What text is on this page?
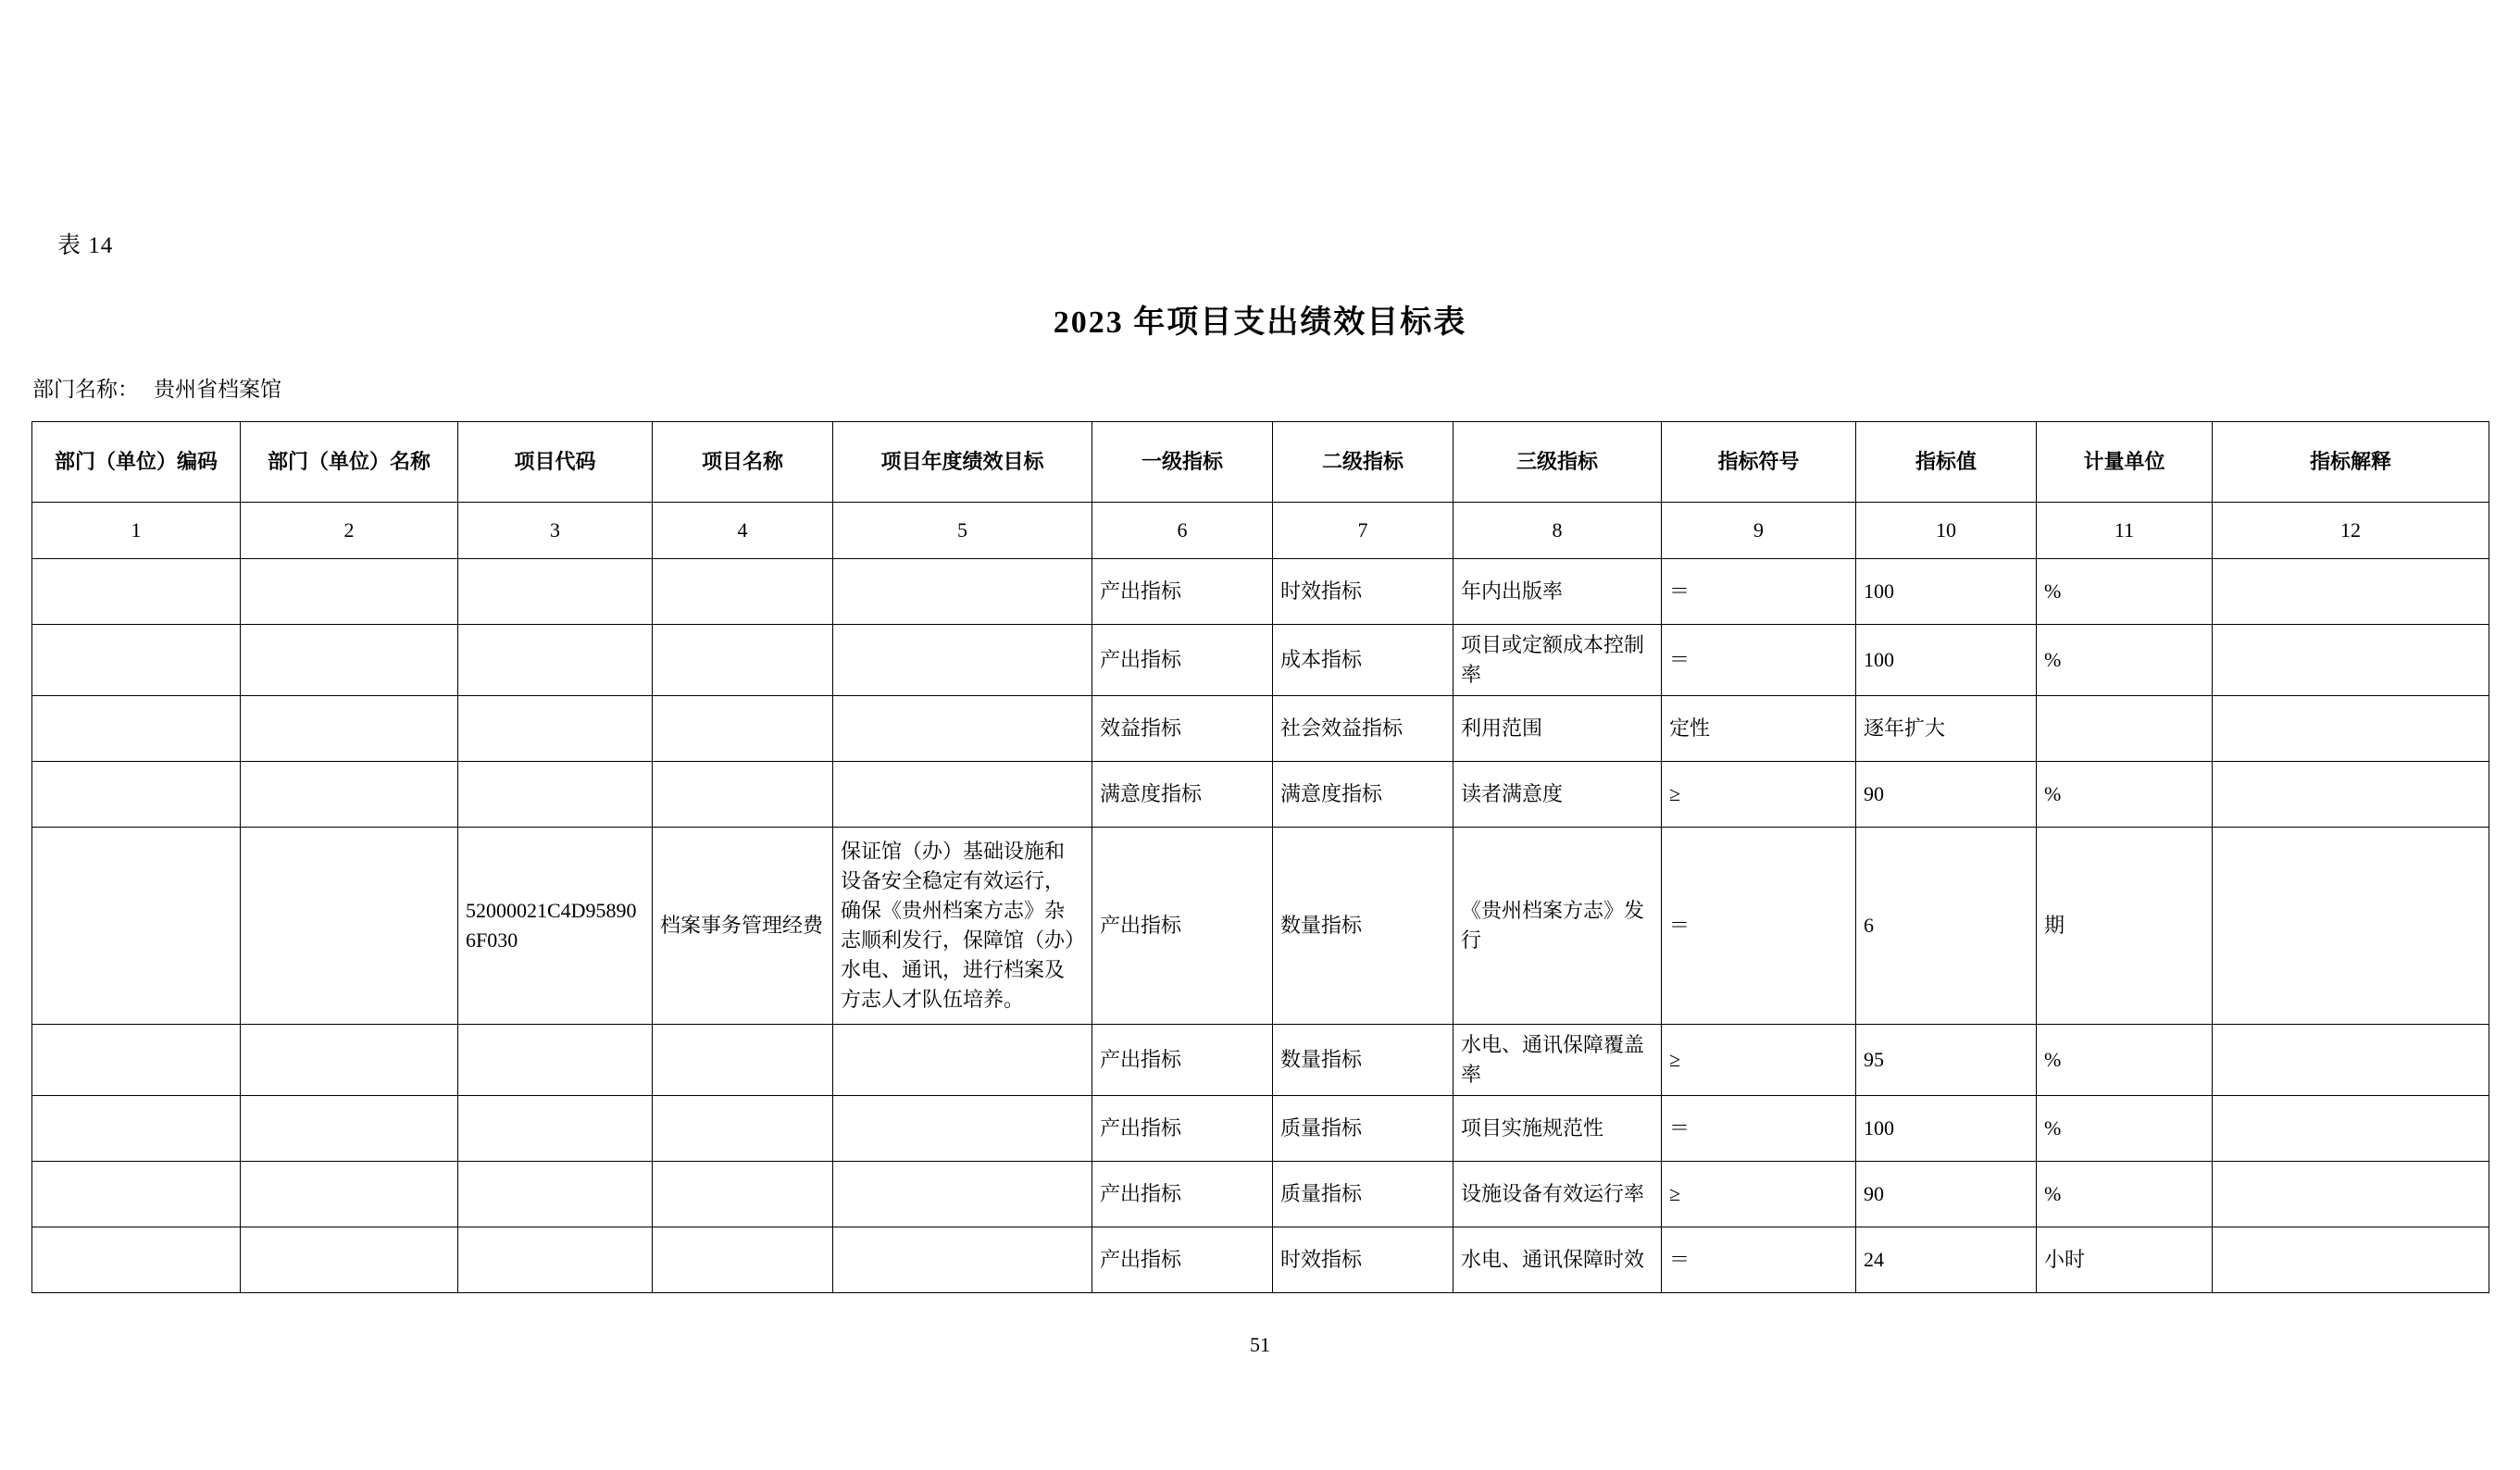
表 14
2023 年项目支出绩效目标表
部门名称： 贵州省档案馆
部门（单位）编码	部门（单位）名称	项目代码	项目名称	项目年度绩效目标	一级指标	二级指标	三级指标	指标符号	指标值	计量单位	指标解释
1	2	3	4	5	6	7	8	9	10	11	12
					产出指标	时效指标	年内出版率	＝	100	%	
					产出指标	成本指标	项目或定额成本控制率	＝	100	%	
					效益指标	社会效益指标	利用范围	定性	逐年扩大		
					满意度指标	满意度指标	读者满意度	≥	90	%	
		52000021C4D958906F030	档案事务管理经费	保证馆（办）基础设施和设备安全稳定有效运行，确保《贵州档案方志》杂志顺利发行，保障馆（办）水电、通讯，进行档案及方志人才队伍培养。	产出指标	数量指标	《贵州档案方志》发行	＝	6	期	
					产出指标	数量指标	水电、通讯保障覆盖率	≥	95	%	
					产出指标	质量指标	项目实施规范性	＝	100	%	
					产出指标	质量指标	设施设备有效运行率	≥	90	%	
					产出指标	时效指标	水电、通讯保障时效	＝	24	小时	
51
